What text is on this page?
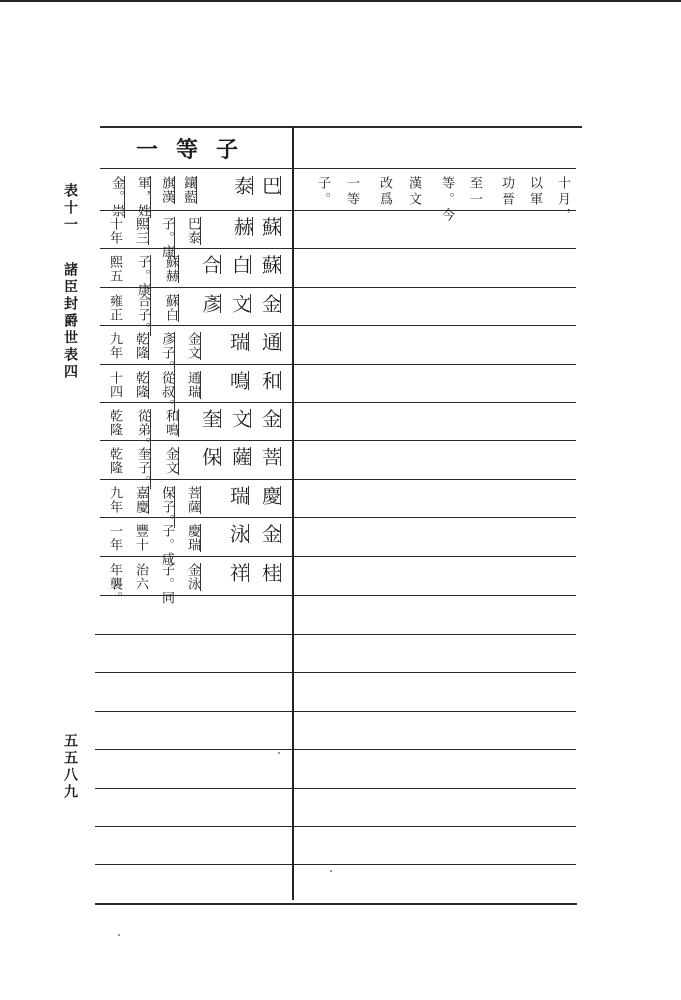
表十一
諸臣封爵世表四
五五八九
一等子
巴
泰
鑲藍
旗漢
軍，姓
金。崇
蘇
赫
巴泰
子。康
熙三
十年
蘇
白
合
蘇赫
子。康
熙五
金
文
彥
蘇白
合子。
雍正
通
瑞
金文
彥子。
乾隆
九年
和
鳴
通瑞
從叔。
乾隆
十四
金
文
奎
和鳴
從弟。
乾隆
菩
薩
保
金文
奎子。
乾隆
慶
瑞
菩薩
保子。
嘉慶
九年
金
泳
慶瑞
子。咸
豐十
一年
桂
祥
金泳
子。同
治六
年襲。
十月，
以軍
功晉
至一
等。今
漢文
改爲
一等
子。
